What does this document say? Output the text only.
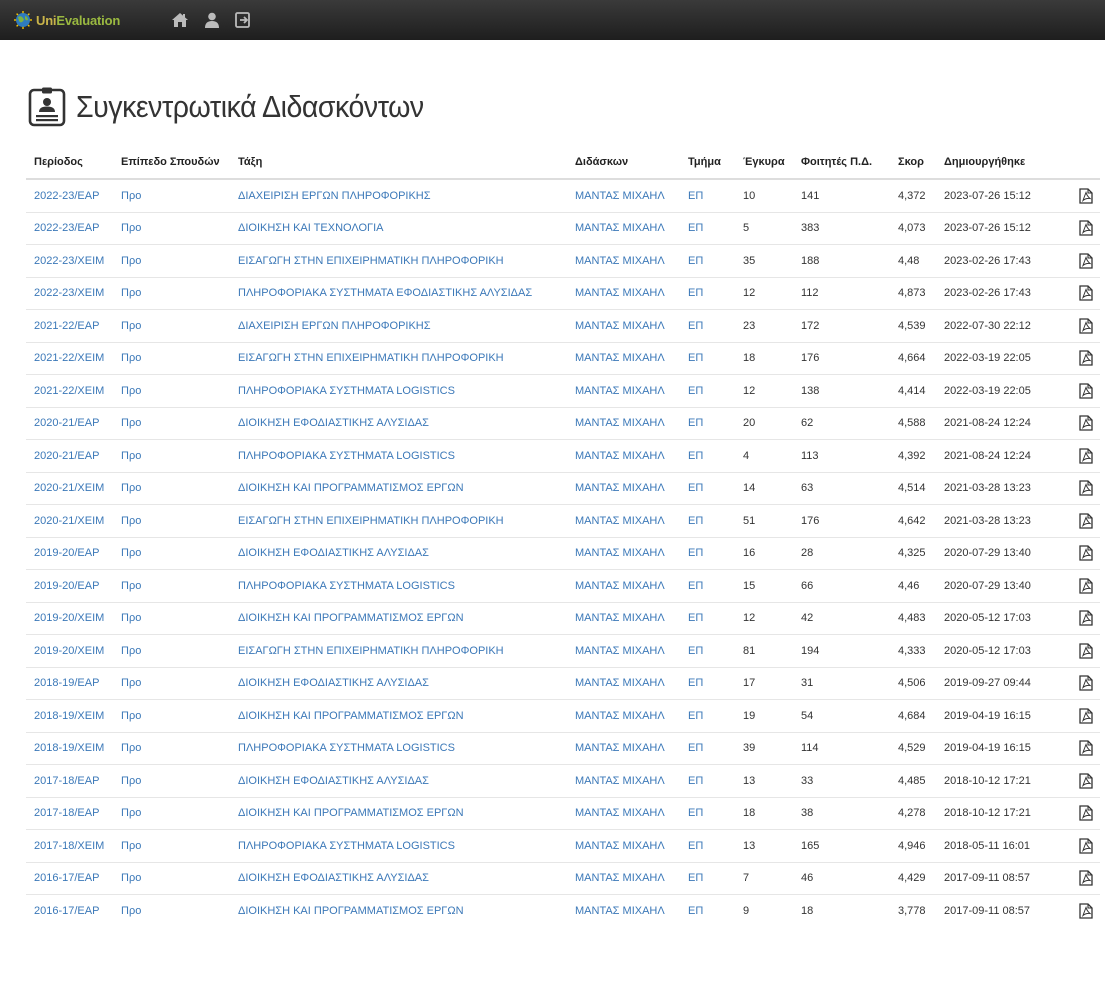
UniEvaluation
Συγκεντρωτικά Διδασκόντων
Περίοδος	Επίπεδο Σπουδών	Τάξη	Διδάσκων	Τμήμα	Έγκυρα	Φοιτητές Π.Δ.	Σκορ	Δημιουργήθηκε	
2022-23/EAP	Προ	ΔΙΑΧΕΙΡΙΣΗ ΕΡΓΩΝ ΠΛΗΡΟΦΟΡΙΚΗΣ	ΜΑΝΤΑΣ ΜΙΧΑΗΛ	ΕΠ	10	141	4,372	2023-07-26 15:12	

2022-23/EAP	Προ	ΔΙΟΙΚΗΣΗ ΚΑΙ ΤΕΧΝΟΛΟΓΙΑ	ΜΑΝΤΑΣ ΜΙΧΑΗΛ	ΕΠ	5	383	4,073	2023-07-26 15:12	

2022-23/ΧΕΙΜ	Προ	ΕΙΣΑΓΩΓΗ ΣΤΗΝ ΕΠΙΧΕΙΡΗΜΑΤΙΚΗ ΠΛΗΡΟΦΟΡΙΚΗ	ΜΑΝΤΑΣ ΜΙΧΑΗΛ	ΕΠ	35	188	4,48	2023-02-26 17:43	

2022-23/ΧΕΙΜ	Προ	ΠΛΗΡΟΦΟΡΙΑΚΑ ΣΥΣΤΗΜΑΤΑ ΕΦΟΔΙΑΣΤΙΚΗΣ ΑΛΥΣΙΔΑΣ	ΜΑΝΤΑΣ ΜΙΧΑΗΛ	ΕΠ	12	112	4,873	2023-02-26 17:43	

2021-22/EAP	Προ	ΔΙΑΧΕΙΡΙΣΗ ΕΡΓΩΝ ΠΛΗΡΟΦΟΡΙΚΗΣ	ΜΑΝΤΑΣ ΜΙΧΑΗΛ	ΕΠ	23	172	4,539	2022-07-30 22:12	

2021-22/ΧΕΙΜ	Προ	ΕΙΣΑΓΩΓΗ ΣΤΗΝ ΕΠΙΧΕΙΡΗΜΑΤΙΚΗ ΠΛΗΡΟΦΟΡΙΚΗ	ΜΑΝΤΑΣ ΜΙΧΑΗΛ	ΕΠ	18	176	4,664	2022-03-19 22:05	

2021-22/ΧΕΙΜ	Προ	ΠΛΗΡΟΦΟΡΙΑΚΑ ΣΥΣΤΗΜΑΤΑ LOGISTICS	ΜΑΝΤΑΣ ΜΙΧΑΗΛ	ΕΠ	12	138	4,414	2022-03-19 22:05	

2020-21/EAP	Προ	ΔΙΟΙΚΗΣΗ ΕΦΟΔΙΑΣΤΙΚΗΣ ΑΛΥΣΙΔΑΣ	ΜΑΝΤΑΣ ΜΙΧΑΗΛ	ΕΠ	20	62	4,588	2021-08-24 12:24	

2020-21/EAP	Προ	ΠΛΗΡΟΦΟΡΙΑΚΑ ΣΥΣΤΗΜΑΤΑ LOGISTICS	ΜΑΝΤΑΣ ΜΙΧΑΗΛ	ΕΠ	4	113	4,392	2021-08-24 12:24	

2020-21/ΧΕΙΜ	Προ	ΔΙΟΙΚΗΣΗ ΚΑΙ ΠΡΟΓΡΑΜΜΑΤΙΣΜΟΣ ΕΡΓΩΝ	ΜΑΝΤΑΣ ΜΙΧΑΗΛ	ΕΠ	14	63	4,514	2021-03-28 13:23	

2020-21/ΧΕΙΜ	Προ	ΕΙΣΑΓΩΓΗ ΣΤΗΝ ΕΠΙΧΕΙΡΗΜΑΤΙΚΗ ΠΛΗΡΟΦΟΡΙΚΗ	ΜΑΝΤΑΣ ΜΙΧΑΗΛ	ΕΠ	51	176	4,642	2021-03-28 13:23	

2019-20/EAP	Προ	ΔΙΟΙΚΗΣΗ ΕΦΟΔΙΑΣΤΙΚΗΣ ΑΛΥΣΙΔΑΣ	ΜΑΝΤΑΣ ΜΙΧΑΗΛ	ΕΠ	16	28	4,325	2020-07-29 13:40	

2019-20/EAP	Προ	ΠΛΗΡΟΦΟΡΙΑΚΑ ΣΥΣΤΗΜΑΤΑ LOGISTICS	ΜΑΝΤΑΣ ΜΙΧΑΗΛ	ΕΠ	15	66	4,46	2020-07-29 13:40	

2019-20/ΧΕΙΜ	Προ	ΔΙΟΙΚΗΣΗ ΚΑΙ ΠΡΟΓΡΑΜΜΑΤΙΣΜΟΣ ΕΡΓΩΝ	ΜΑΝΤΑΣ ΜΙΧΑΗΛ	ΕΠ	12	42	4,483	2020-05-12 17:03	

2019-20/ΧΕΙΜ	Προ	ΕΙΣΑΓΩΓΗ ΣΤΗΝ ΕΠΙΧΕΙΡΗΜΑΤΙΚΗ ΠΛΗΡΟΦΟΡΙΚΗ	ΜΑΝΤΑΣ ΜΙΧΑΗΛ	ΕΠ	81	194	4,333	2020-05-12 17:03	

2018-19/EAP	Προ	ΔΙΟΙΚΗΣΗ ΕΦΟΔΙΑΣΤΙΚΗΣ ΑΛΥΣΙΔΑΣ	ΜΑΝΤΑΣ ΜΙΧΑΗΛ	ΕΠ	17	31	4,506	2019-09-27 09:44	

2018-19/ΧΕΙΜ	Προ	ΔΙΟΙΚΗΣΗ ΚΑΙ ΠΡΟΓΡΑΜΜΑΤΙΣΜΟΣ ΕΡΓΩΝ	ΜΑΝΤΑΣ ΜΙΧΑΗΛ	ΕΠ	19	54	4,684	2019-04-19 16:15	

2018-19/ΧΕΙΜ	Προ	ΠΛΗΡΟΦΟΡΙΑΚΑ ΣΥΣΤΗΜΑΤΑ LOGISTICS	ΜΑΝΤΑΣ ΜΙΧΑΗΛ	ΕΠ	39	114	4,529	2019-04-19 16:15	

2017-18/EAP	Προ	ΔΙΟΙΚΗΣΗ ΕΦΟΔΙΑΣΤΙΚΗΣ ΑΛΥΣΙΔΑΣ	ΜΑΝΤΑΣ ΜΙΧΑΗΛ	ΕΠ	13	33	4,485	2018-10-12 17:21	

2017-18/EAP	Προ	ΔΙΟΙΚΗΣΗ ΚΑΙ ΠΡΟΓΡΑΜΜΑΤΙΣΜΟΣ ΕΡΓΩΝ	ΜΑΝΤΑΣ ΜΙΧΑΗΛ	ΕΠ	18	38	4,278	2018-10-12 17:21	

2017-18/ΧΕΙΜ	Προ	ΠΛΗΡΟΦΟΡΙΑΚΑ ΣΥΣΤΗΜΑΤΑ LOGISTICS	ΜΑΝΤΑΣ ΜΙΧΑΗΛ	ΕΠ	13	165	4,946	2018-05-11 16:01	

2016-17/EAP	Προ	ΔΙΟΙΚΗΣΗ ΕΦΟΔΙΑΣΤΙΚΗΣ ΑΛΥΣΙΔΑΣ	ΜΑΝΤΑΣ ΜΙΧΑΗΛ	ΕΠ	7	46	4,429	2017-09-11 08:57	

2016-17/EAP	Προ	ΔΙΟΙΚΗΣΗ ΚΑΙ ΠΡΟΓΡΑΜΜΑΤΙΣΜΟΣ ΕΡΓΩΝ	ΜΑΝΤΑΣ ΜΙΧΑΗΛ	ΕΠ	9	18	3,778	2017-09-11 08:57	
